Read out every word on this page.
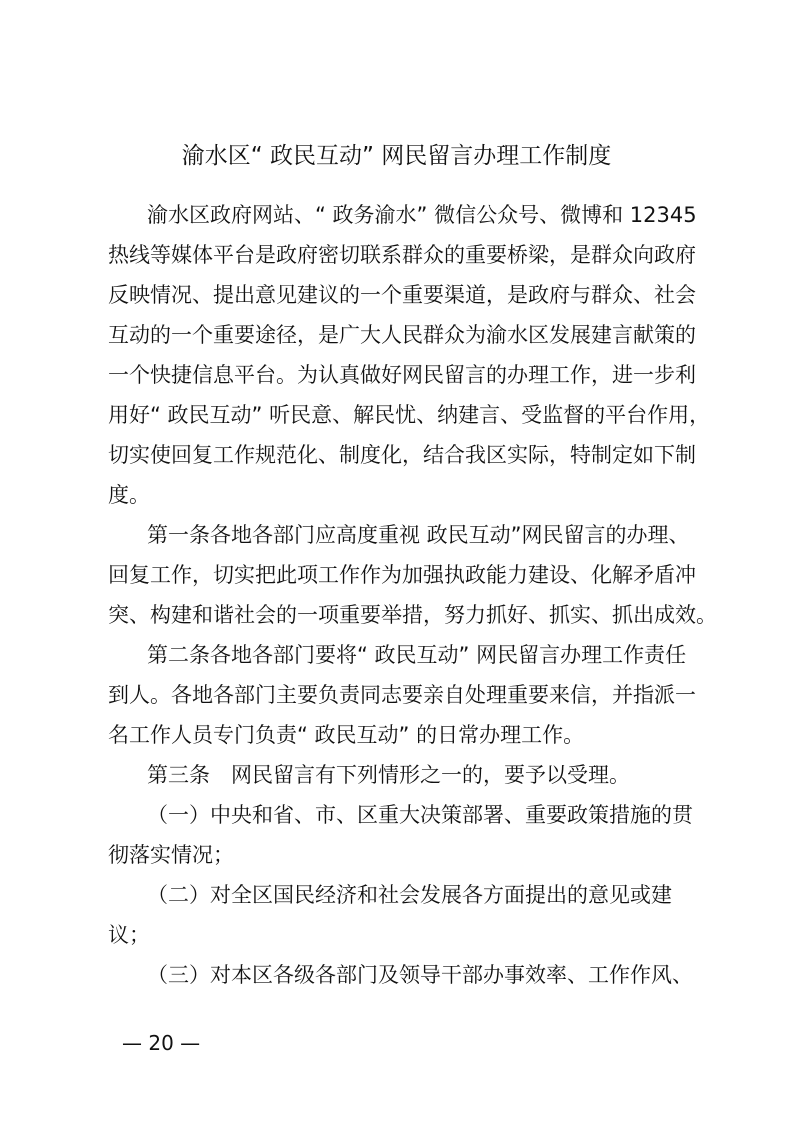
渝水区“ 政民互动” 网民留言办理工作制度
渝水区政府网站、“ 政务渝水” 微信公众号、微博和 12345
热线等媒体平台是政府密切联系群众的重要桥梁，是群众向政府
反映情况、提出意见建议的一个重要渠道，是政府与群众、社会
互动的一个重要途径，是广大人民群众为渝水区发展建言献策的
一个快捷信息平台。为认真做好网民留言的办理工作，进一步利
用好“ 政民互动” 听民意、解民忧、纳建言、受监督的平台作用，
切实使回复工作规范化、制度化，结合我区实际，特制定如下制
度。
第一条各地各部门应高度重视 政民互动”网民留言的办理、
回复工作，切实把此项工作作为加强执政能力建设、化解矛盾冲
突、构建和谐社会的一项重要举措，努力抓好、抓实、抓出成效。
第二条各地各部门要将“ 政民互动” 网民留言办理工作责任
到人。各地各部门主要负责同志要亲自处理重要来信，并指派一
名工作人员专门负责“ 政民互动” 的日常办理工作。
第三条　网民留言有下列情形之一的，要予以受理。
（一）中央和省、市、区重大决策部署、重要政策措施的贯
彻落实情况；
（二）对全区国民经济和社会发展各方面提出的意见或建
议；
（三）对本区各级各部门及领导干部办事效率、工作作风、
— 20 —
